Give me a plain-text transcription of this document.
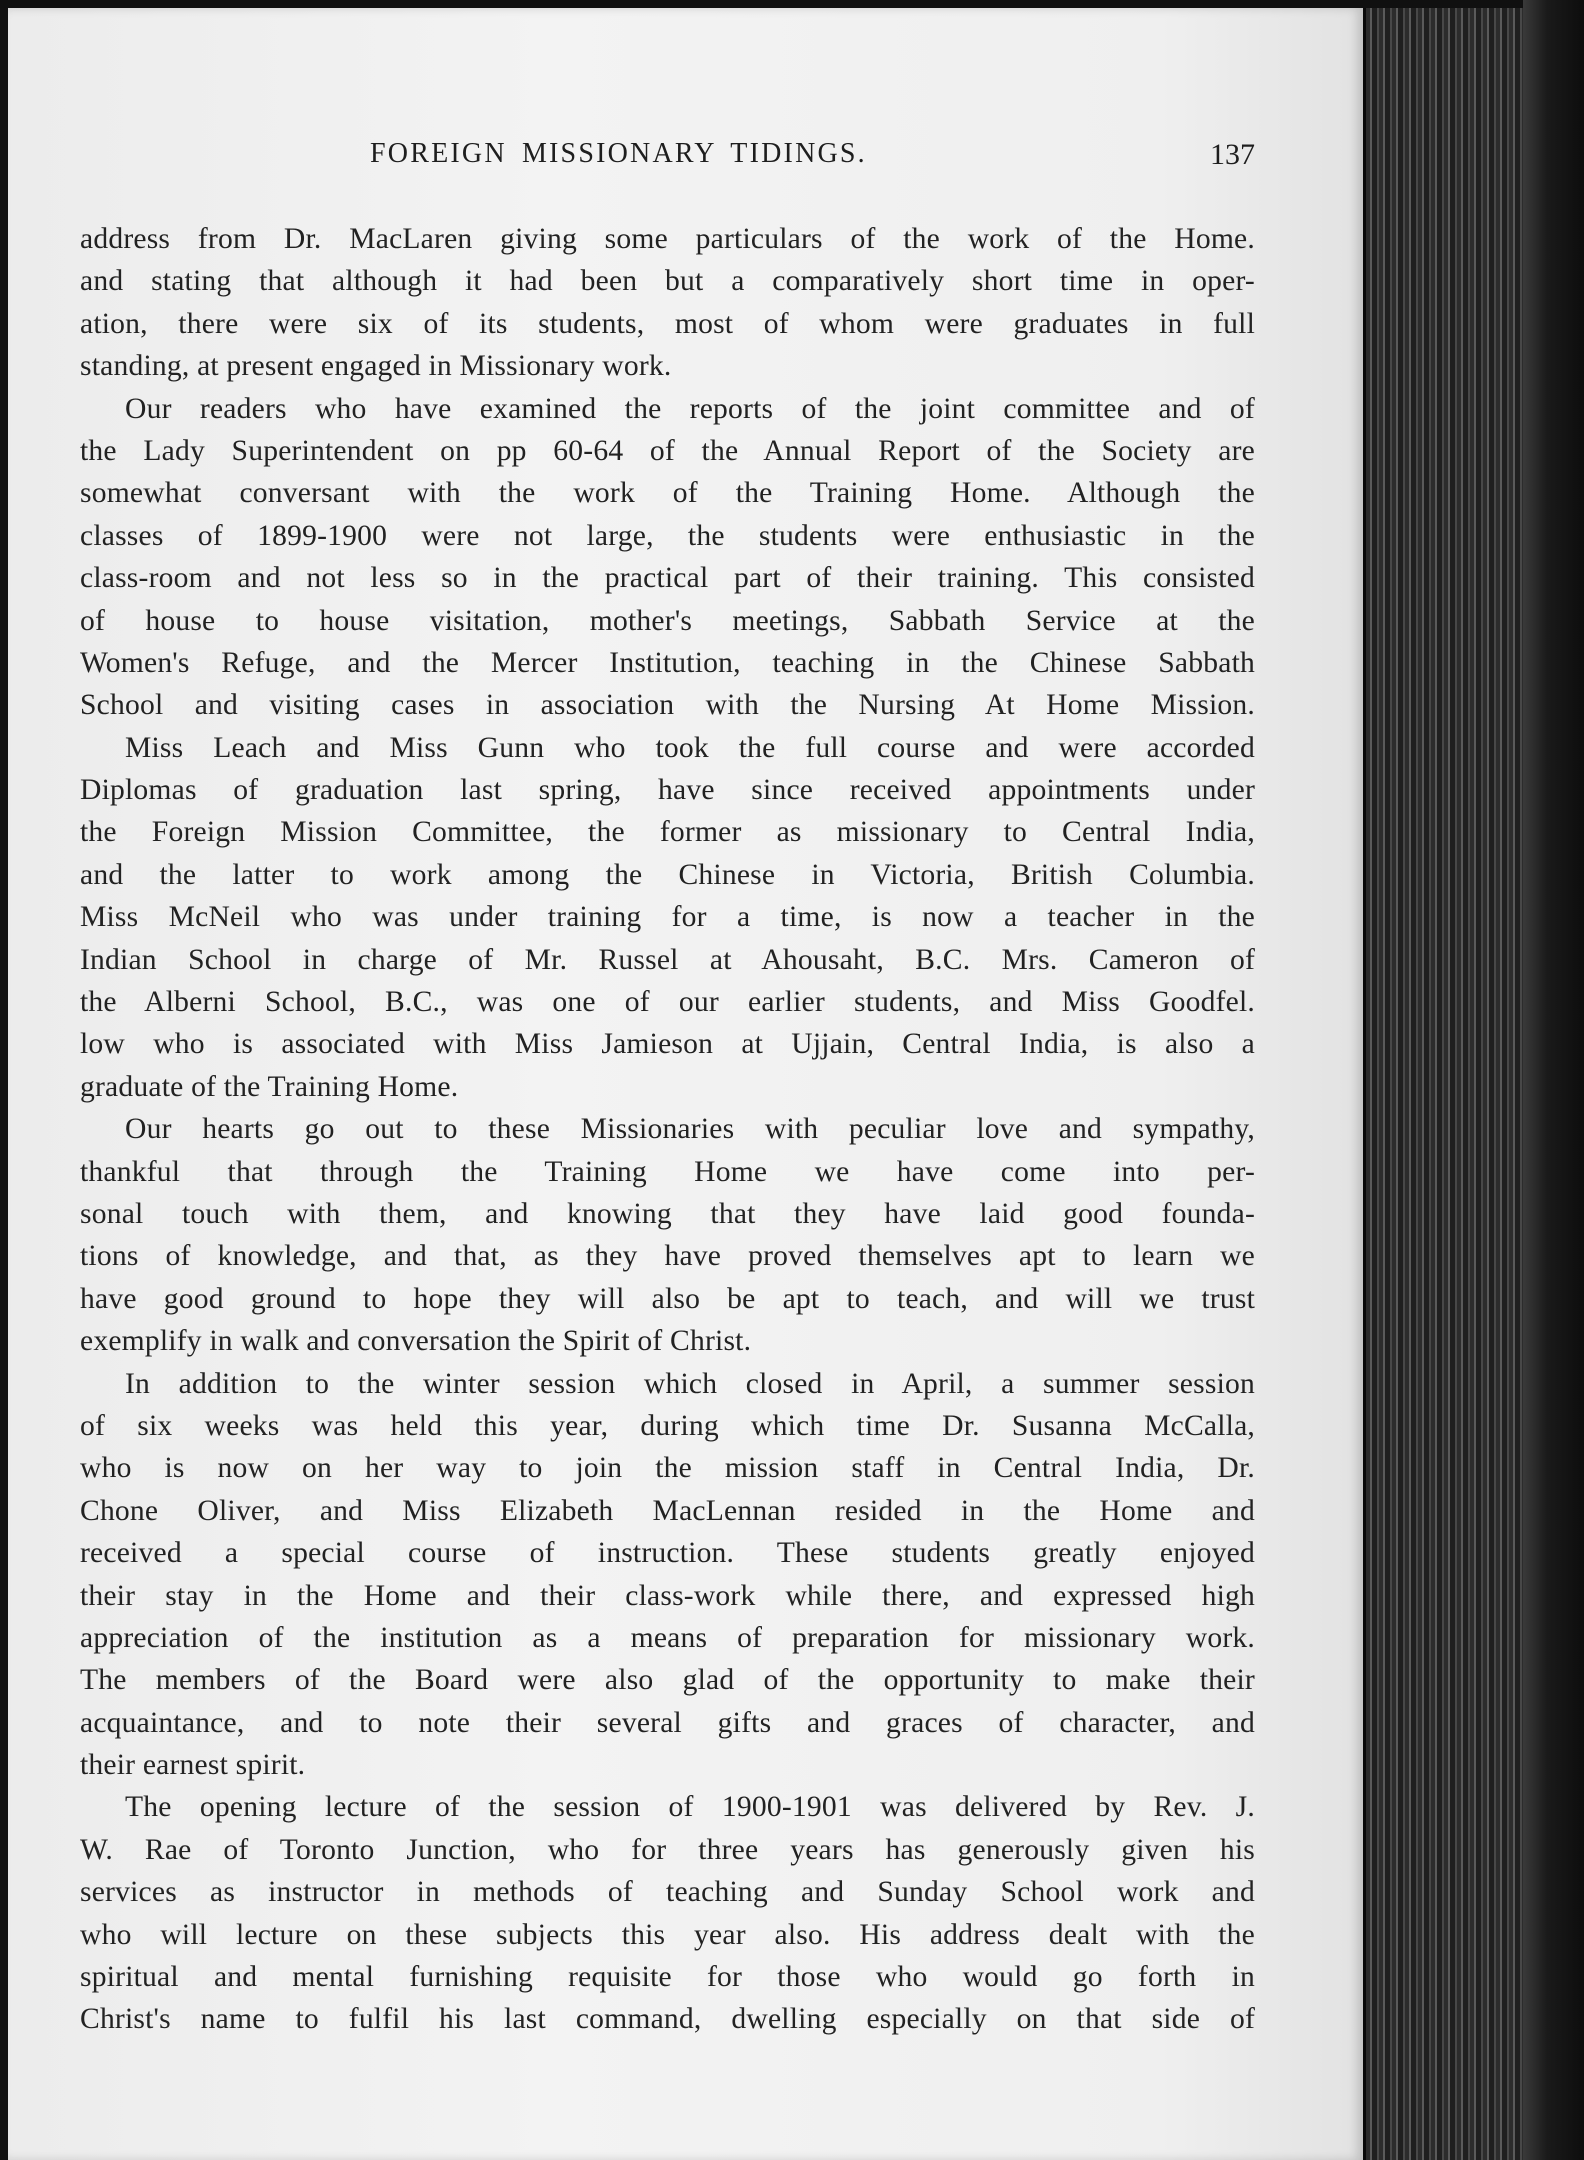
FOREIGN MISSIONARY TIDINGS.	137
address from Dr. MacLaren giving some particulars of the work of the Home.
and stating that although it had been but a comparatively short time in oper-
ation, there were six of its students, most of whom were graduates in full
standing, at present engaged in Missionary work.
Our readers who have examined the reports of the joint committee and of
the Lady Superintendent on pp 60-64 of the Annual Report of the Society are
somewhat conversant with the work of the Training Home. Although the
classes of 1899-1900 were not large, the students were enthusiastic in the
class-room and not less so in the practical part of their training. This consisted
of house to house visitation, mother's meetings, Sabbath Service at the
Women's Refuge, and the Mercer Institution, teaching in the Chinese Sabbath
School and visiting cases in association with the Nursing At Home Mission.
Miss Leach and Miss Gunn who took the full course and were accorded
Diplomas of graduation last spring, have since received appointments under
the Foreign Mission Committee, the former as missionary to Central India,
and the latter to work among the Chinese in Victoria, British Columbia.
Miss McNeil who was under training for a time, is now a teacher in the
Indian School in charge of Mr. Russel at Ahousaht, B.C. Mrs. Cameron of
the Alberni School, B.C., was one of our earlier students, and Miss Goodfel.
low who is associated with Miss Jamieson at Ujjain, Central India, is also a
graduate of the Training Home.
Our hearts go out to these Missionaries with peculiar love and sympathy,
thankful that through the Training Home we have come into per-
sonal touch with them, and knowing that they have laid good founda-
tions of knowledge, and that, as they have proved themselves apt to learn we
have good ground to hope they will also be apt to teach, and will we trust
exemplify in walk and conversation the Spirit of Christ.
In addition to the winter session which closed in April, a summer session
of six weeks was held this year, during which time Dr. Susanna McCalla,
who is now on her way to join the mission staff in Central India, Dr.
Chone Oliver, and Miss Elizabeth MacLennan resided in the Home and
received a special course of instruction. These students greatly enjoyed
their stay in the Home and their class-work while there, and expressed high
appreciation of the institution as a means of preparation for missionary work.
The members of the Board were also glad of the opportunity to make their
acquaintance, and to note their several gifts and graces of character, and
their earnest spirit.
The opening lecture of the session of 1900-1901 was delivered by Rev. J.
W. Rae of Toronto Junction, who for three years has generously given his
services as instructor in methods of teaching and Sunday School work and
who will lecture on these subjects this year also. His address dealt with the
spiritual and mental furnishing requisite for those who would go forth in
Christ's name to fulfil his last command, dwelling especially on that side of
